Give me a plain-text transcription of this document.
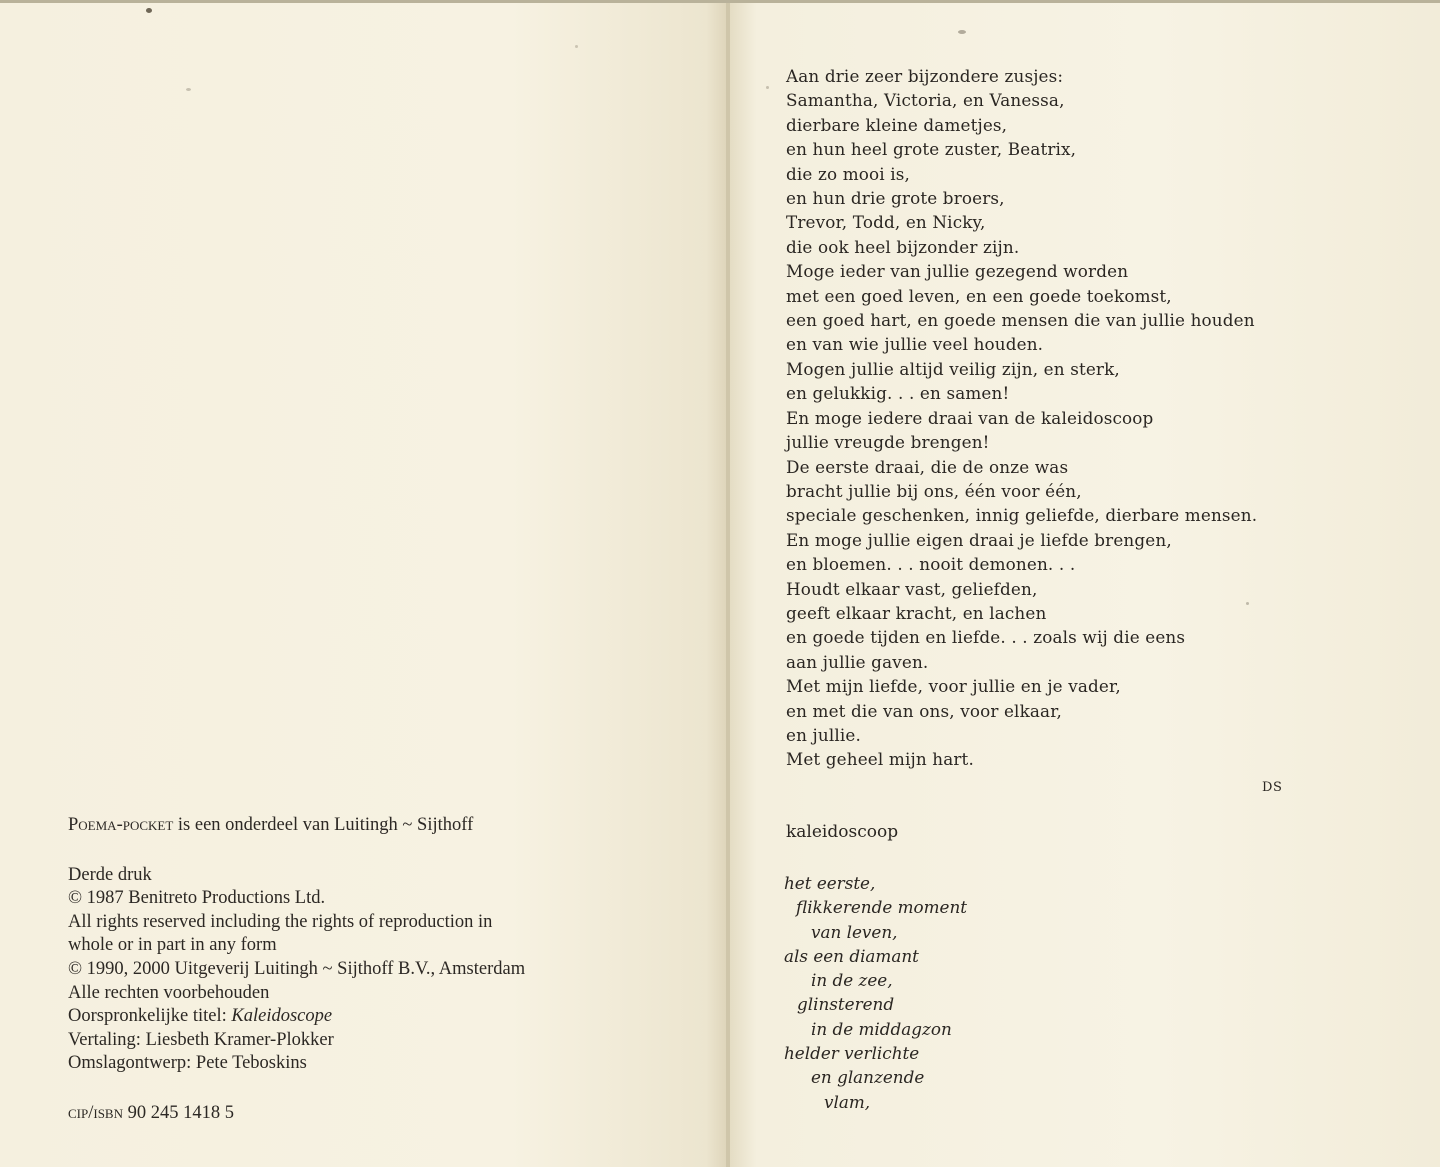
Poema-pocket is een onderdeel van Luitingh ~ Sijthoff
Derde druk
© 1987 Benitreto Productions Ltd.
All rights reserved including the rights of reproduction in
whole or in part in any form
© 1990, 2000 Uitgeverij Luitingh ~ Sijthoff B.V., Amsterdam
Alle rechten voorbehouden
Oorspronkelijke titel: Kaleidoscope
Vertaling: Liesbeth Kramer-Plokker
Omslagontwerp: Pete Teboskins
cip/isbn 90 245 1418 5
Aan drie zeer bijzondere zusjes:
Samantha, Victoria, en Vanessa,
dierbare kleine dametjes,
en hun heel grote zuster, Beatrix,
die zo mooi is,
en hun drie grote broers,
Trevor, Todd, en Nicky,
die ook heel bijzonder zijn.
Moge ieder van jullie gezegend worden
met een goed leven, en een goede toekomst,
een goed hart, en goede mensen die van jullie houden
en van wie jullie veel houden.
Mogen jullie altijd veilig zijn, en sterk,
en gelukkig. . . en samen!
En moge iedere draai van de kaleidoscoop
jullie vreugde brengen!
De eerste draai, die de onze was
bracht jullie bij ons, één voor één,
speciale geschenken, innig geliefde, dierbare mensen.
En moge jullie eigen draai je liefde brengen,
en bloemen. . . nooit demonen. . .
Houdt elkaar vast, geliefden,
geeft elkaar kracht, en lachen
en goede tijden en liefde. . . zoals wij die eens
aan jullie gaven.
Met mijn liefde, voor jullie en je vader,
en met die van ons, voor elkaar,
en jullie.
Met geheel mijn hart.
DS
kaleidoscoop
het eerste,
flikkerende moment
van leven,
als een diamant
in de zee,
glinsterend
in de middagzon
helder verlichte
en glanzende
vlam,
